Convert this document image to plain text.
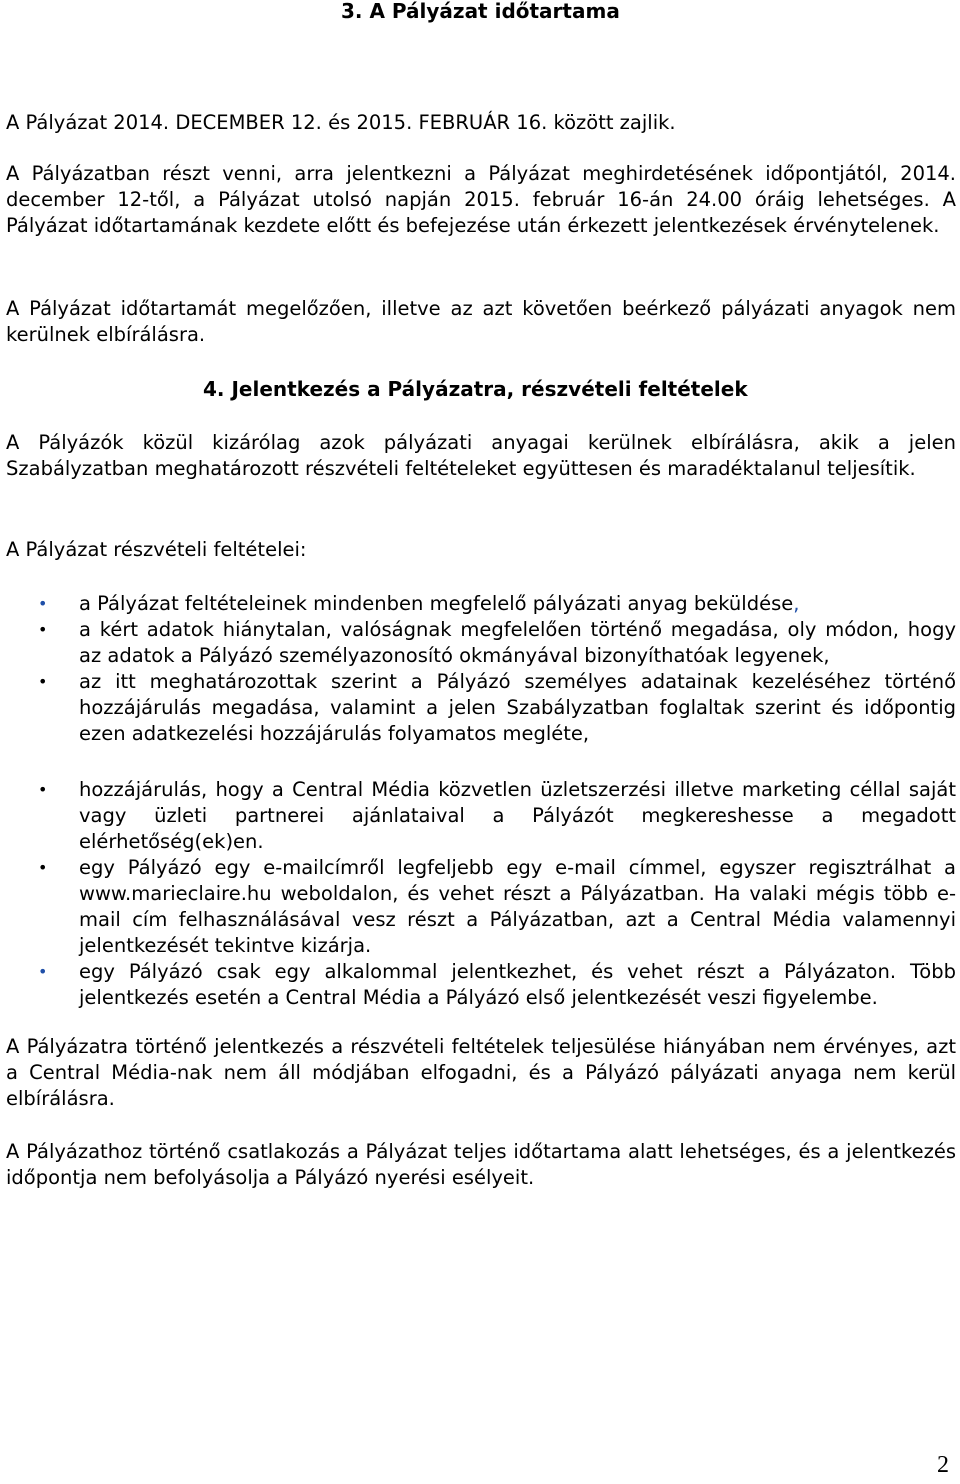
3. A Pályázat időtartama
A Pályázat 2014. DECEMBER 12. és 2015. FEBRUÁR 16. között zajlik.
A Pályázatban részt venni, arra jelentkezni a Pályázat meghirdetésének időpontjától, 2014. december 12-től, a Pályázat utolsó napján 2015. február 16-án 24.00 óráig lehetséges. A Pályázat időtartamának kezdete előtt és befejezése után érkezett jelentkezések érvénytelenek.
A Pályázat időtartamát megelőzően, illetve az azt követően beérkező pályázati anyagok nem kerülnek elbírálásra.
4. Jelentkezés a Pályázatra, részvételi feltételek
A Pályázók közül kizárólag azok pályázati anyagai kerülnek elbírálásra, akik a jelen Szabályzatban meghatározott részvételi feltételeket együttesen és maradéktalanul teljesítik.
A Pályázat részvételi feltételei:
• a Pályázat feltételeinek mindenben megfelelő pályázati anyag beküldése,
• a kért adatok hiánytalan, valóságnak megfelelően történő megadása, oly módon, hogy az adatok a Pályázó személyazonosító okmányával bizonyíthatóak legyenek,
• az itt meghatározottak szerint a Pályázó személyes adatainak kezeléséhez történő hozzájárulás megadása, valamint a jelen Szabályzatban foglaltak szerint és időpontig ezen adatkezelési hozzájárulás folyamatos megléte,
• hozzájárulás, hogy a Central Média közvetlen üzletszerzési illetve marketing céllal saját vagy üzleti partnerei ajánlataival a Pályázót megkereshesse a megadott elérhetőség(ek)en.
• egy Pályázó egy e-mailcímről legfeljebb egy e-mail címmel, egyszer regisztrálhat a www.marieclaire.hu weboldalon, és vehet részt a Pályázatban. Ha valaki mégis több e-mail cím felhasználásával vesz részt a Pályázatban, azt a Central Média valamennyi jelentkezését tekintve kizárja.
• egy Pályázó csak egy alkalommal jelentkezhet, és vehet részt a Pályázaton. Több jelentkezés esetén a Central Média a Pályázó első jelentkezését veszi figyelembe.
A Pályázatra történő jelentkezés a részvételi feltételek teljesülése hiányában nem érvényes, azt a Central Média-nak nem áll módjában elfogadni, és a Pályázó pályázati anyaga nem kerül elbírálásra.
A Pályázathoz történő csatlakozás a Pályázat teljes időtartama alatt lehetséges, és a jelentkezés időpontja nem befolyásolja a Pályázó nyerési esélyeit.
2
